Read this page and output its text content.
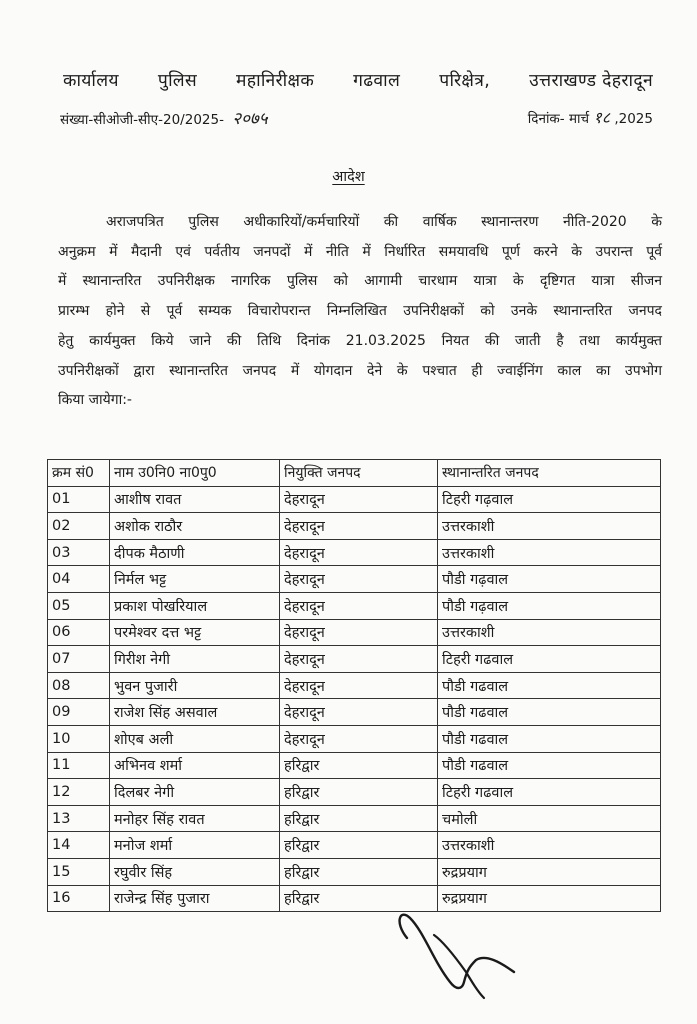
कार्यालय पुलिस महानिरीक्षक गढवाल परिक्षेत्र, उत्तराखण्ड देहरादून
संख्या-सीओजी-सीए-20/2025- २०७५	दिनांक- मार्च १८ ,2025
आदेश
अराजपत्रित पुलिस अधीकारियों/कर्मचारियों की वार्षिक स्थानान्तरण नीति-2020 के
अनुक्रम में मैदानी एवं पर्वतीय जनपदों में नीति में निर्धारित समयावधि पूर्ण करने के उपरान्त पूर्व
में स्थानान्तरित उपनिरीक्षक नागरिक पुलिस को आगामी चारधाम यात्रा के दृष्टिगत यात्रा सीजन
प्रारम्भ होने से पूर्व सम्यक विचारोपरान्त निम्नलिखित उपनिरीक्षकों को उनके स्थानान्तरित जनपद
हेतु कार्यमुक्त किये जाने की तिथि दिनांक 21.03.2025 नियत की जाती है तथा कार्यमुक्त
उपनिरीक्षकों द्वारा स्थानान्तरित जनपद में योगदान देने के पश्चात ही ज्वाईनिंग काल का उपभोग
किया जायेगा:-
क्रम सं0	नाम उ0नि0 ना0पु0	नियुक्ति जनपद	स्थानान्तरित जनपद
01	आशीष रावत	देहरादून	टिहरी गढ़वाल
02	अशोक राठौर	देहरादून	उत्तरकाशी
03	दीपक मैठाणी	देहरादून	उत्तरकाशी
04	निर्मल भट्ट	देहरादून	पौडी गढ़वाल
05	प्रकाश पोखरियाल	देहरादून	पौडी गढ़वाल
06	परमेश्वर दत्त भट्ट	देहरादून	उत्तरकाशी
07	गिरीश नेगी	देहरादून	टिहरी गढवाल
08	भुवन पुजारी	देहरादून	पौडी गढवाल
09	राजेश सिंह असवाल	देहरादून	पौडी गढवाल
10	शोएब अली	देहरादून	पौडी गढवाल
11	अभिनव शर्मा	हरिद्वार	पौडी गढवाल
12	दिलबर नेगी	हरिद्वार	टिहरी गढवाल
13	मनोहर सिंह रावत	हरिद्वार	चमोली
14	मनोज शर्मा	हरिद्वार	उत्तरकाशी
15	रघुवीर सिंह	हरिद्वार	रुद्रप्रयाग
16	राजेन्द्र सिंह पुजारा	हरिद्वार	रुद्रप्रयाग
